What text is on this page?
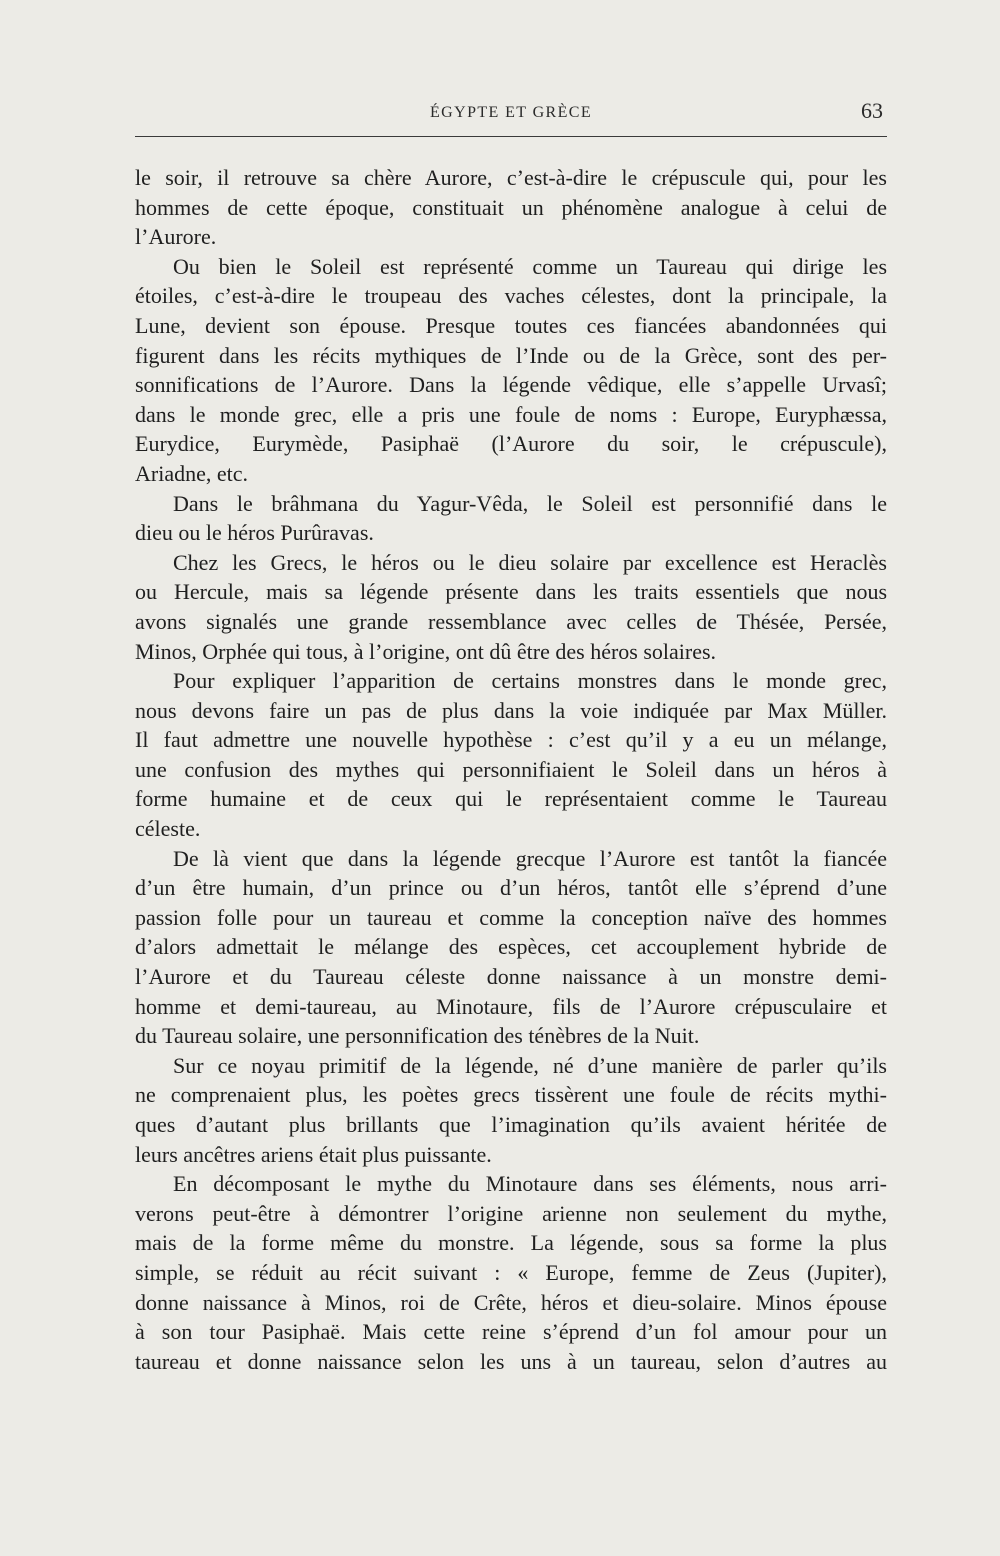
ÉGYPTE ET GRÈCE	63
le soir, il retrouve sa chère Aurore, c’est-à-dire le crépuscule qui, pour les
hommes de cette époque, constituait un phénomène analogue à celui de
l’Aurore.
Ou bien le Soleil est représenté comme un Taureau qui dirige les
étoiles, c’est-à-dire le troupeau des vaches célestes, dont la principale, la
Lune, devient son épouse. Presque toutes ces fiancées abandonnées qui
figurent dans les récits mythiques de l’Inde ou de la Grèce, sont des per-
sonnifications de l’Aurore. Dans la légende vêdique, elle s’appelle Urvasî;
dans le monde grec, elle a pris une foule de noms : Europe, Euryphæssa,
Eurydice, Eurymède, Pasiphaë (l’Aurore du soir, le crépuscule),
Ariadne, etc.
Dans le brâhmana du Yagur-Vêda, le Soleil est personnifié dans le
dieu ou le héros Purûravas.
Chez les Grecs, le héros ou le dieu solaire par excellence est Heraclès
ou Hercule, mais sa légende présente dans les traits essentiels que nous
avons signalés une grande ressemblance avec celles de Thésée, Persée,
Minos, Orphée qui tous, à l’origine, ont dû être des héros solaires.
Pour expliquer l’apparition de certains monstres dans le monde grec,
nous devons faire un pas de plus dans la voie indiquée par Max Müller.
Il faut admettre une nouvelle hypothèse : c’est qu’il y a eu un mélange,
une confusion des mythes qui personnifiaient le Soleil dans un héros à
forme humaine et de ceux qui le représentaient comme le Taureau
céleste.
De là vient que dans la légende grecque l’Aurore est tantôt la fiancée
d’un être humain, d’un prince ou d’un héros, tantôt elle s’éprend d’une
passion folle pour un taureau et comme la conception naïve des hommes
d’alors admettait le mélange des espèces, cet accouplement hybride de
l’Aurore et du Taureau céleste donne naissance à un monstre demi-
homme et demi-taureau, au Minotaure, fils de l’Aurore crépusculaire et
du Taureau solaire, une personnification des ténèbres de la Nuit.
Sur ce noyau primitif de la légende, né d’une manière de parler qu’ils
ne comprenaient plus, les poètes grecs tissèrent une foule de récits mythi-
ques d’autant plus brillants que l’imagination qu’ils avaient héritée de
leurs ancêtres ariens était plus puissante.
En décomposant le mythe du Minotaure dans ses éléments, nous arri-
verons peut-être à démontrer l’origine arienne non seulement du mythe,
mais de la forme même du monstre. La légende, sous sa forme la plus
simple, se réduit au récit suivant : « Europe, femme de Zeus (Jupiter),
donne naissance à Minos, roi de Crête, héros et dieu-solaire. Minos épouse
à son tour Pasiphaë. Mais cette reine s’éprend d’un fol amour pour un
taureau et donne naissance selon les uns à un taureau, selon d’autres au
